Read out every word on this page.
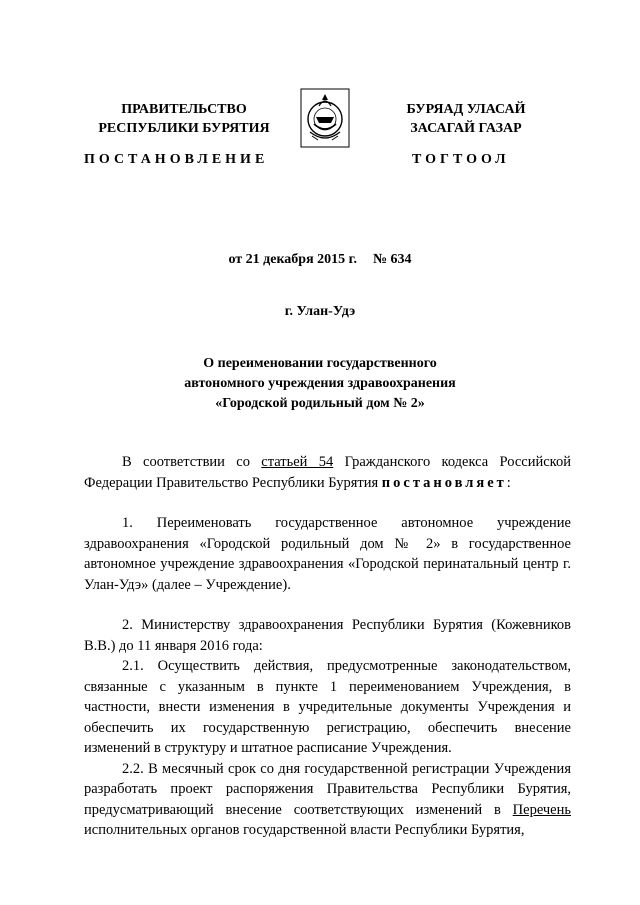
ПРАВИТЕЛЬСТВО
РЕСПУБЛИКИ БУРЯТИЯ
ПОСТАНОВЛЕНИЕ
БУРЯАД УЛАСАЙ
ЗАСАГАЙ ГАЗАР
ТОГТООЛ
от 21 декабря 2015 г. № 634
г. Улан-Удэ
О переименовании государственного
автономного учреждения здравоохранения
«Городской родильный дом № 2»

В соответствии со статьей 54 Гражданского кодекса Российской Федерации Правительство Республики Бурятия постановляет:

1. Переименовать государственное автономное учреждение здравоохранения «Городской родильный дом № 2» в государственное автономное учреждение здравоохранения «Городской перинатальный центр г. Улан-Удэ» (далее – Учреждение).

2. Министерству здравоохранения Республики Бурятия (Кожевников В.В.) до 11 января 2016 года:

2.1. Осуществить действия, предусмотренные законодательством, связанные с указанным в пункте 1 переименованием Учреждения, в частности, внести изменения в учредительные документы Учреждения и обеспечить их государственную регистрацию, обеспечить внесение изменений в структуру и штатное расписание Учреждения.

2.2. В месячный срок со дня государственной регистрации Учреждения разработать проект распоряжения Правительства Республики Бурятия, предусматривающий внесение соответствующих изменений в Перечень исполнительных органов государственной власти Республики Бурятия,
